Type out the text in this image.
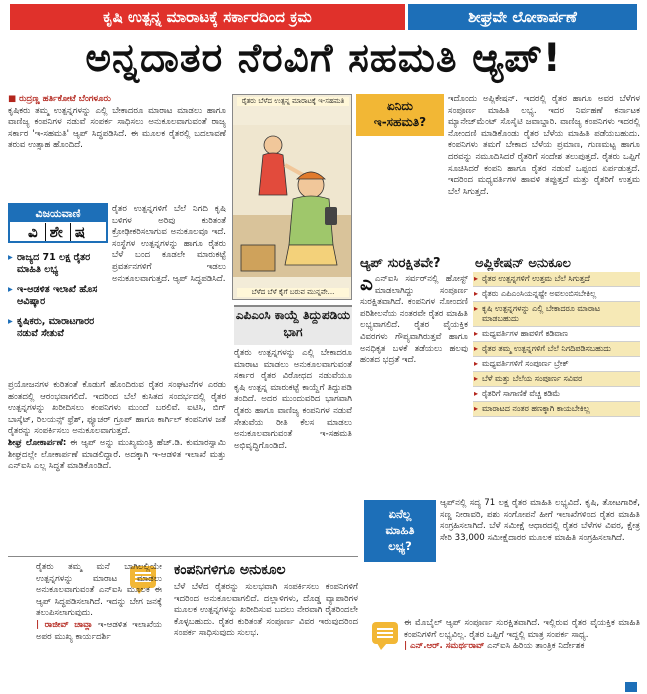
ಕೃಷಿ ಉತ್ಪನ್ನ ಮಾರಾಟಕ್ಕೆ ಸರ್ಕಾರದಿಂದ ಕ್ರಮ	ಶೀಘ್ರವೇ ಲೋಕಾರ್ಪಣೆ
ಅನ್ನದಾತರ ನೆರವಿಗೆ ಸಹಮತಿ ಆ್ಯಪ್!
■ ರುದ್ರಣ್ಣ ಹರ್ತಿಕೋಟೆ ಬೆಂಗಳೂರು

ಕೃಷಿಕರು ತಮ್ಮ ಉತ್ಪನ್ನಗಳನ್ನು ಎಲ್ಲಿ ಬೇಕಾದರೂ ಮಾರಾಟ ಮಾಡಲು ಹಾಗೂ ವಾಣಿಜ್ಯ ಕಂಪನಿಗಳ ನಡುವೆ ಸಂಪರ್ಕ ಸಾಧಿಸಲು ಅನುಕೂಲವಾಗುವಂತೆ ರಾಜ್ಯ ಸರ್ಕಾರ 'ಇ-ಸಹಮತಿ' ಆ್ಯಪ್ ಸಿದ್ಧಪಡಿಸಿದೆ. ಈ ಮೂಲಕ ರೈತರಲ್ಲಿ ಬದಲಾವಣೆ ತರುವ ಉತ್ಸಾಹ ಹೊಂದಿದೆ.

ವಿಜಯವಾಣಿ
ವಿ ಶೇ ಷ
▸ ರಾಜ್ಯದ 71 ಲಕ್ಷ ರೈತರ ಮಾಹಿತಿ ಲಭ್ಯ
▸ ಇ-ಆಡಳಿತ ಇಲಾಖೆ ಹೊಸ ಆವಿಷ್ಕಾರ
▸ ಕೃಷಿಕರು, ಮಾರಾಟಗಾರರ ನಡುವೆ ಸೇತುವೆ
ರೈತರ ಉತ್ಪನ್ನಗಳಿಗೆ ಬೆಲೆ ನಿಗದಿ ಕೃಷಿ ಬಳಿಗಳ ಅರಿವು ಕುರಿತಂತೆ ಕ್ರೋಢೀಕರಿಸಲಾಗುವ ಅನುಕೂಲವೂ ಇದೆ. ಸಂಸ್ಥೆಗಳ ಉತ್ಪನ್ನಗಳನ್ನು ಹಾಗೂ ರೈತರು ಬೆಳೆ ಬಂದ ಕೂಡಲೇ ಮಾರುಕಟ್ಟೆ ಪ್ರವರ್ತನಗಳಿಗೆ ಇಡಲು ಅನುಕೂಲವಾಗುತ್ತದೆ. ಆ್ಯಪ್ ಸಿದ್ಧಪಡಿಸಿದೆ.

ಪ್ರಯೋಜನಗಳ ಕುರಿತಂತೆ ಕೊಡುಗೆ ಹೊಂದಿರುವ ರೈತರ ಸಂಘಟನೆಗಳ ಎರಡು ಹಂತದಲ್ಲಿ ಆರಂಭವಾಗಲಿದೆ. ಇದರಿಂದ ಬೆಲೆ ಕುಸಿತದ ಸಂದರ್ಭದಲ್ಲಿ ರೈತರ ಉತ್ಪನ್ನಗಳನ್ನು ಖರೀದಿಸಲು ಕಂಪನಿಗಳು ಮುಂದೆ ಬರಲಿವೆ. ಐಟಿಸಿ, ಬಿಗ್ ಬಾಸ್ಕೆಟ್, ರಿಲಯನ್ಸ್ ಫ್ರೆಶ್, ಫ್ಯೂಚರ್ ಗ್ರೂಪ್ ಹಾಗೂ ಕಾರ್ಗಿಲ್ ಕಂಪನಿಗಳ ಜತೆ ರೈತರನ್ನು ಸಂಪರ್ಕಿಸಲು ಅನುಕೂಲವಾಗುತ್ತದೆ.

ಶೀಘ್ರ ಲೋಕಾರ್ಪಣೆ: ಈ ಆ್ಯಪ್ ಅನ್ನು ಮುಖ್ಯಮಂತ್ರಿ ಹೆಚ್.ಡಿ. ಕುಮಾರಸ್ವಾಮಿ ಶೀಘ್ರದಲ್ಲೇ ಲೋಕಾರ್ಪಣೆ ಮಾಡಲಿದ್ದಾರೆ. ಅದಕ್ಕಾಗಿ ಇ-ಆಡಳಿತ ಇಲಾಖೆ ಮತ್ತು ಎನ್‌ಐಸಿ ಎಲ್ಲ ಸಿದ್ಧತೆ ಮಾಡಿಕೊಂಡಿದೆ.

ರೈತರು ಬೆಳೆದ ಉತ್ಪನ್ನ ಮಾರಾಟಕ್ಕೆ ಇ-ಸಹಮತಿ
ಬೆಳೆದ ಬೆಳೆ ಕೈಗೆ ಬರುವ ಮುನ್ನವೇ...
ಎಪಿಎಂಸಿ ಕಾಯ್ದೆ ತಿದ್ದುಪಡಿಯ ಭಾಗ
ರೈತರು ಉತ್ಪನ್ನಗಳನ್ನು ಎಲ್ಲಿ ಬೇಕಾದರೂ ಮಾರಾಟ ಮಾಡಲು ಅನುಕೂಲವಾಗುವಂತೆ ಸರ್ಕಾರ ರೈತರ ವಿರೋಧದ ನಡುವೆಯೂ ಕೃಷಿ ಉತ್ಪನ್ನ ಮಾರುಕಟ್ಟೆ ಕಾಯ್ದೆಗೆ ತಿದ್ದುಪಡಿ ತಂದಿದೆ. ಅದರ ಮುಂದುವರಿದ ಭಾಗವಾಗಿ ರೈತರು ಹಾಗೂ ವಾಣಿಜ್ಯ ಕಂಪನಿಗಳ ನಡುವೆ ಸೇತುವೆಯ ರೀತಿ ಕೆಲಸ ಮಾಡಲು ಅನುಕೂಲವಾಗುವಂತೆ ಇ-ಸಹಮತಿ ಅಭಿವೃದ್ಧಿಗೊಂಡಿದೆ.
ಏನಿದು
ಇ-ಸಹಮತಿ?
ಇದೊಂದು ಅಪ್ಲಿಕೇಷನ್. ಇದರಲ್ಲಿ ರೈತರ ಹಾಗೂ ಅವರ ಬೆಳೆಗಳ ಸಂಪೂರ್ಣ ಮಾಹಿತಿ ಲಭ್ಯ. ಇದರ ನಿರ್ವಹಣೆ ಕರ್ನಾಟಕ ಮ್ಯಾನೇಜ್‌ಮೆಂಟ್ ಸೊಸೈಟಿ ಜವಾಬ್ದಾರಿ. ವಾಣಿಜ್ಯ ಕಂಪನಿಗಳು ಇದರಲ್ಲಿ ನೋಂದಣಿ ಮಾಡಿಕೊಂಡು ರೈತರ ಬೆಳೆಯ ಮಾಹಿತಿ ಪಡೆಯಬಹುದು. ಕಂಪನಿಗಳು ತಮಗೆ ಬೇಕಾದ ಬೆಳೆಯ ಪ್ರಮಾಣ, ಗುಣಮಟ್ಟ ಹಾಗೂ ದರವನ್ನು ನಮೂದಿಸಿದರೆ ರೈತರಿಗೆ ಸಂದೇಶ ತಲುಪುತ್ತದೆ. ರೈತರು ಒಪ್ಪಿಗೆ ಸೂಚಿಸಿದರೆ ಕಂಪನಿ ಹಾಗೂ ರೈತರ ನಡುವೆ ಒಪ್ಪಂದ ಏರ್ಪಡುತ್ತದೆ. ಇದರಿಂದ ಮಧ್ಯವರ್ತಿಗಳ ಹಾವಳಿ ತಪ್ಪುತ್ತದೆ ಮತ್ತು ರೈತರಿಗೆ ಉತ್ತಮ ಬೆಲೆ ಸಿಗುತ್ತದೆ.
ಆ್ಯಪ್ ಸುರಕ್ಷಿತವೇ?
ಎಎನ್‌ಐಸಿ ಸರ್ವರ್‌ನಲ್ಲಿ ಹೋಸ್ಟ್ ಮಾಡಲಾಗಿದ್ದು ಸಂಪೂರ್ಣ ಸುರಕ್ಷಿತವಾಗಿದೆ. ಕಂಪನಿಗಳ ನೋಂದಣಿ ಪರಿಶೀಲನೆಯ ನಂತರವೇ ರೈತರ ಮಾಹಿತಿ ಲಭ್ಯವಾಗಲಿದೆ. ರೈತರ ವೈಯಕ್ತಿಕ ವಿವರಗಳು ಗೌಪ್ಯವಾಗಿರುತ್ತವೆ ಹಾಗೂ ಅನಧಿಕೃತ ಬಳಕೆ ತಡೆಯಲು ಹಲವು ಹಂತದ ಭದ್ರತೆ ಇದೆ.
ಅಪ್ಲಿಕೇಷನ್ ಅನುಕೂಲ
▸ ರೈತರ ಉತ್ಪನ್ನಗಳಿಗೆ ಉತ್ತಮ ಬೆಲೆ ಸಿಗುತ್ತದೆ
▸ ರೈತರು ಎಪಿಎಂಸಿಯನ್ನಷ್ಟೇ ಅವಲಂಬಿಸಬೇಕಿಲ್ಲ
▸ ಕೃಷಿ ಉತ್ಪನ್ನಗಳನ್ನು ಎಲ್ಲಿ ಬೇಕಾದರೂ ಮಾರಾಟ ಮಾಡಬಹುದು
▸ ಮಧ್ಯವರ್ತಿಗಳ ಹಾವಳಿಗೆ ಕಡಿವಾಣ
▸ ರೈತರ ತಮ್ಮ ಉತ್ಪನ್ನಗಳಿಗೆ ಬೆಲೆ ನಿಗದಿಪಡಿಸಬಹುದು
▸ ಮಧ್ಯವರ್ತಿಗಳಿಗೆ ಸಂಪೂರ್ಣ ಬ್ರೇಕ್
▸ ಬೆಳೆ ಮತ್ತು ಬೆಲೆಯ ಸಂಪೂರ್ಣ ಸವಿವರ
▸ ರೈತರಿಗೆ ಸಾಗಾಣಿಕೆ ವೆಚ್ಚ ಕಡಿಮೆ
▸ ಮಾರಾಟದ ನಂತರ ಹಣಕ್ಕಾಗಿ ಕಾಯಬೇಕಿಲ್ಲ
ಏನೆಲ್ಲ
ಮಾಹಿತಿ
ಲಭ್ಯ?
ಆ್ಯಪ್‌ನಲ್ಲಿ ಸದ್ಯ 71 ಲಕ್ಷ ರೈತರ ಮಾಹಿತಿ ಲಭ್ಯವಿದೆ. ಕೃಷಿ, ತೋಟಗಾರಿಕೆ, ಸಣ್ಣ ನೀರಾವರಿ, ಪಶು ಸಂಗೋಪನೆ ಹೀಗೆ ಇಲಾಖೆಗಳಿಂದ ರೈತರ ಮಾಹಿತಿ ಸಂಗ್ರಹಿಸಲಾಗಿದೆ. ಬೆಳೆ ಸಮೀಕ್ಷೆ ಆಧಾರದಲ್ಲಿ ರೈತರ ಬೆಳೆಗಳ ವಿವರ, ಕ್ಷೇತ್ರ ಸೇರಿ 33,000 ಸಮೀಕ್ಷೆದಾರರ ಮೂಲಕ ಮಾಹಿತಿ ಸಂಗ್ರಹಿಸಲಾಗಿದೆ.

ರೈತರು ತಮ್ಮ ಮನೆ ಬಾಗಿಲಲ್ಲಿಯೇ ಉತ್ಪನ್ನಗಳನ್ನು ಮಾರಾಟ ಮಾಡಲು ಅನುಕೂಲವಾಗುವಂತೆ ಎನ್‌ಐಸಿ ಮೂಲಕ ಈ ಆ್ಯಪ್ ಸಿದ್ಧಪಡಿಸಲಾಗಿದೆ. ಇದನ್ನು ಬೇಗ ಜನಕ್ಕೆ ತಲುಪಿಸಲಾಗುವುದು.

| ರಾಜೀವ್ ಚಾವ್ಲಾ ಇ-ಆಡಳಿತ ಇಲಾಖೆಯ ಅಪರ ಮುಖ್ಯ ಕಾರ್ಯದರ್ಶಿ

ಕಂಪನಿಗಳಿಗೂ ಅನುಕೂಲ
ಬೆಳೆ ಬೆಳೆದ ರೈತರನ್ನು ಸುಲಭವಾಗಿ ಸಂಪರ್ಕಿಸಲು ಕಂಪನಿಗಳಿಗೆ ಇದರಿಂದ ಅನುಕೂಲವಾಗಲಿದೆ. ದಲ್ಲಾಳಿಗಳು, ದೊಡ್ಡ ವ್ಯಾಪಾರಿಗಳ ಮೂಲಕ ಉತ್ಪನ್ನಗಳನ್ನು ಖರೀದಿಸುವ ಬದಲು ನೇರವಾಗಿ ರೈತರಿಂದಲೇ ಕೊಳ್ಳಬಹುದು. ರೈತರ ಕುರಿತಂತೆ ಸಂಪೂರ್ಣ ವಿವರ ಇರುವುದರಿಂದ ಸಂಪರ್ಕ ಸಾಧಿಸುವುದು ಸುಲಭ.

ಈ ಮೊಬೈಲ್ ಆ್ಯಪ್ ಸಂಪೂರ್ಣ ಸುರಕ್ಷಿತವಾಗಿದೆ. ಇಲ್ಲಿರುವ ರೈತರ ವೈಯಕ್ತಿಕ ಮಾಹಿತಿ ಕಂಪನಿಗಳಿಗೆ ಲಭ್ಯವಿಲ್ಲ. ರೈತರ ಒಪ್ಪಿಗೆ ಇದ್ದಲ್ಲಿ ಮಾತ್ರ ಸಂಪರ್ಕ ಸಾಧ್ಯ.

| ಎನ್.ಆರ್. ಸಮರ್ಥರಾವ್ ಎನ್‌ಐಸಿ ಹಿರಿಯ ತಾಂತ್ರಿಕ ನಿರ್ದೇಶಕ
